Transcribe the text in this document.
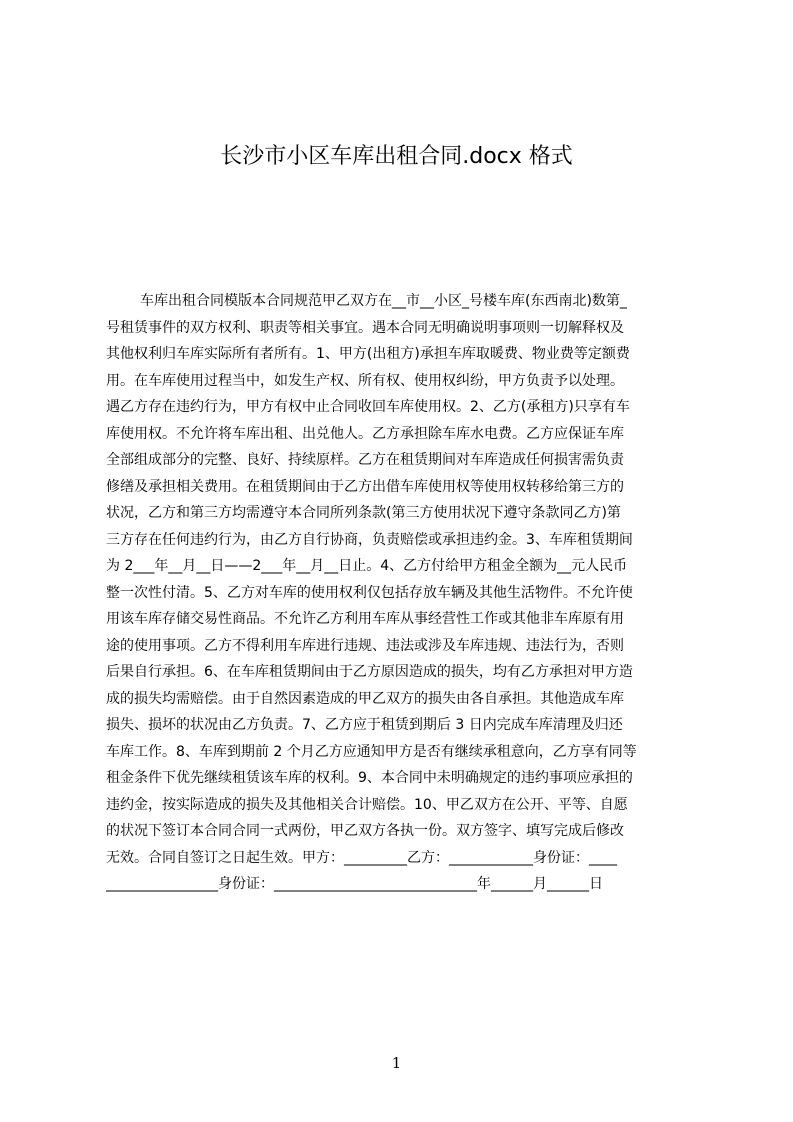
长沙市小区车库出租合同.docx 格式
车库出租合同模版本合同规范甲乙双方在__市__小区_号楼车库(东西南北)数第_
号租赁事件的双方权利、职责等相关事宜。遇本合同无明确说明事项则一切解释权及
其他权利归车库实际所有者所有。1、甲方(出租方)承担车库取暖费、物业费等定额费
用。在车库使用过程当中，如发生产权、所有权、使用权纠纷，甲方负责予以处理。
遇乙方存在违约行为，甲方有权中止合同收回车库使用权。2、乙方(承租方)只享有车
库使用权。不允许将车库出租、出兑他人。乙方承担除车库水电费。乙方应保证车库
全部组成部分的完整、良好、持续原样。乙方在租赁期间对车库造成任何损害需负责
修缮及承担相关费用。在租赁期间由于乙方出借车库使用权等使用权转移给第三方的
状况，乙方和第三方均需遵守本合同所列条款(第三方使用状况下遵守条款同乙方)第
三方存在任何违约行为，由乙方自行协商，负责赔偿或承担违约金。3、车库租赁期间
为 2___年__月__日——2___年__月__日止。4、乙方付给甲方租金全额为__元人民币
整一次性付清。5、乙方对车库的使用权利仅包括存放车辆及其他生活物件。不允许使
用该车库存储交易性商品。不允许乙方利用车库从事经营性工作或其他非车库原有用
途的使用事项。乙方不得利用车库进行违规、违法或涉及车库违规、违法行为，否则
后果自行承担。6、在车库租赁期间由于乙方原因造成的损失，均有乙方承担对甲方造
成的损失均需赔偿。由于自然因素造成的甲乙双方的损失由各自承担。其他造成车库
损失、损坏的状况由乙方负责。7、乙方应于租赁到期后 3 日内完成车库清理及归还
车库工作。8、车库到期前 2 个月乙方应通知甲方是否有继续承租意向，乙方享有同等
租金条件下优先继续租赁该车库的权利。9、本合同中未明确规定的违约事项应承担的
违约金，按实际造成的损失及其他相关合计赔偿。10、甲乙双方在公开、平等、自愿
的状况下签订本合同合同一式两份，甲乙双方各执一份。双方签字、填写完成后修改
无效。合同自签订之日起生效。甲方：_________乙方：____________身份证：____
________________身份证：_____________________________年______月______日
1
